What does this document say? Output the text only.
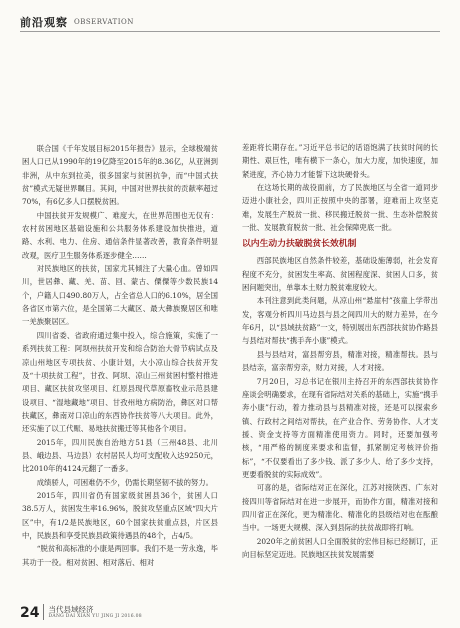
前沿观察 OBSERVATION

联合国《千年发展目标2015年报告》显示，全球极端贫困人口已从1990年的19亿降至2015年的8.36亿，从亚洲到非洲，从中东到拉美，很多国家与贫困抗争，而“中国式扶贫”模式无疑世界瞩目。其间，中国对世界扶贫的贡献率超过70%，有6亿多人口摆脱贫困。

中国扶贫开发规模广、难度大，在世界范围也无仅有：农村贫困地区基础设施和公共服务体系建设加快推进，道路、水利、电力、住房、通信条件显著改善，教育条件明显改观，医疗卫生服务体系逐步健全……

对民族地区的扶贫，国家尤其倾注了大量心血。曾如四川，世居彝、藏、羌、苗、回、蒙古、僳僳等少数民族14个，户籍人口490.80万人，占全省总人口的6.10%，居全国各省区市第六位，是全国第二大藏区、最大彝族聚居区和唯一羌族聚居区。

四川省委、省政府通过集中投入，综合施策，实施了一系列扶贫工程：阿坝州扶贫开发和综合防治大骨节病试点及凉山州地区专项扶贫、小康计划，大小凉山综合扶贫开发及“十项扶贫工程”，甘孜、阿坝、凉山三州贫困村整村推进项目、藏区扶贫攻坚项目、红原县现代草原畜牧业示范县建设项目、“湿地藏地”项目、甘孜州地方病防治，彝区对口帮扶藏区，彝南对口凉山的东西协作扶贫等八大项目。此外，还实施了以工代赈、易地扶贫搬迁等其他各个项目。

2015年，四川民族自治地方51县（三州48县、北川县、峨边县、马边县）农村居民人均可支配收入达9250元，比2010年的4124元翻了一番多。

成绩骄人，可困难仍不少，仍需长期坚韧不拔的努力。

2015年，四川省仍有国家级贫困县36个，贫困人口38.5万人，贫困发生率16.96%，脱贫攻坚重点区域“四大片区”中，有1/2是民族地区，60个国家扶贫重点县，片区县中，民族县和享受民族县政策待遇县的48个，占4/5。

“脱贫和高标准的小康是两回事。我们不是一劳永逸，毕其功于一役。相对贫困、相对落后、相对

差距将长期存在。”习近平总书记的话语饱满了扶贫时间的长期性、艰巨性，唯有横下一条心，加大力度，加快速度，加紧进度，齐心协力才能誓下这块硬骨头。

在这场长期的战役面前，方了民族地区与全省一道同步迈进小康社会，四川正按照中央的部署，迎难而上攻坚克难，发展生产脱贫一批、移民搬迁脱贫一批、生态补偿脱贫一批、发展教育脱贫一批、社会保障兜底一批。

以内生动力扶破脱贫长效机制

西部民族地区自然条件较差，基础设施薄弱，社会发育程度不充分，贫困发生率高、贫困程度深、贫困人口多，贫困问题突出，单靠本土财力脱贫难度较大。

本刊注意到此类问题，从凉山州“悬崖村”孩童上学带出发，客观分析四川马边县与县之间四川大的财力差异，在今年6月，以“县域扶贫路”一文，特别展出东西部扶贫协作路县与县结对帮扶“携手奔小康”模式。

县与县结对，富县帮穷县，精准对接，精准帮扶。县与县结亲，富亲帮穷亲，财力对接，人才对接。

7月20日，习总书记在银川主持召开的东西部扶贫协作座谈会明确要求，在现有省际结对关系的基础上，实施“携手奔小康”行动，着力推动县与县精准对接，还是可以探索乡镇、行政村之间结对帮扶，在产业合作、劳务协作、人才支援、资金支持等方面精准使用资力。同时，还要加强考核，“用严格的制度来要求和监督，抓紧制定考核评价指标”，“不仅要看出了多少钱、派了多少人、给了多少支持，更要看脱贫的实际成效”。

可喜的是，省际结对正在深化，江苏对接陕西、广东对接四川等省际结对在进一步展开，而协作方面，精准对接和四川省正在深化，更为精准化、精准化的县级结对也在酝酿当中。一场更大规模、深入到县际的扶贫战即将打响。

2020年之前贫困人口全面脱贫的宏伟目标已经制订，正向目标坚定迈进。民族地区扶贫发展需要

24 当代县域经济
DANG DAI XIAN YU JING JI 2016.08
